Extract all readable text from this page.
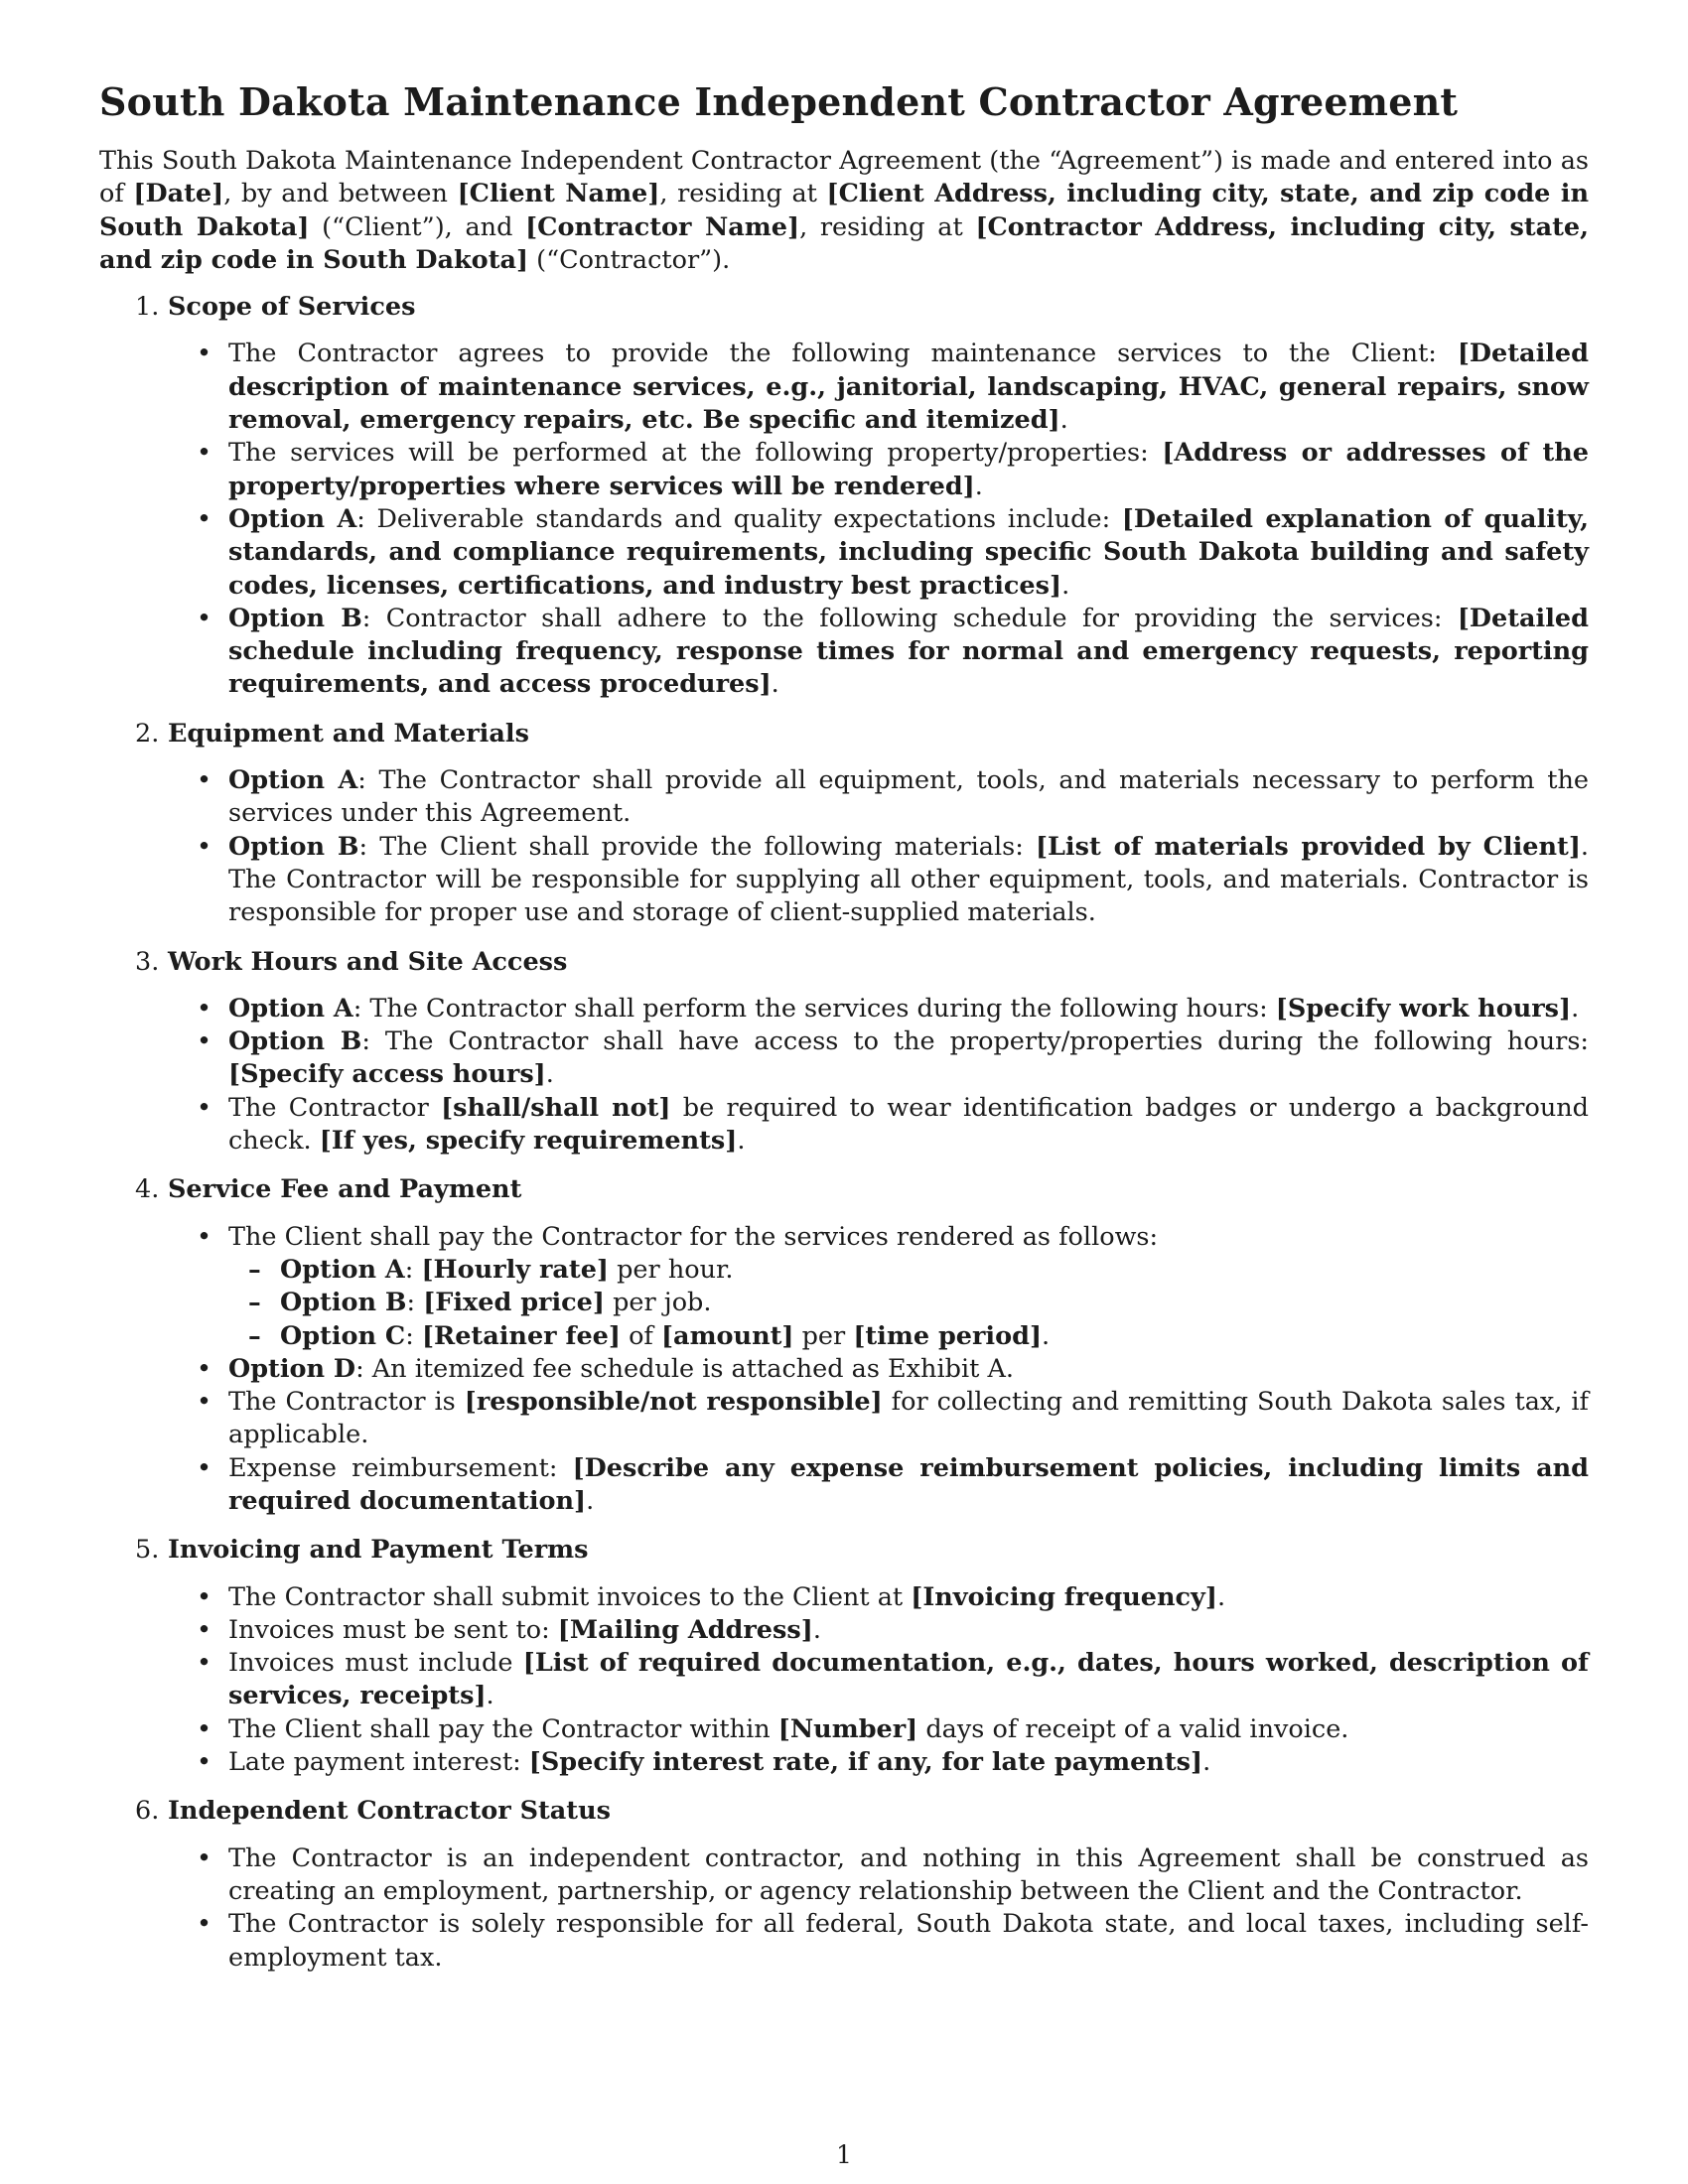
South Dakota Maintenance Independent Contractor Agreement

This South Dakota Maintenance Independent Contractor Agreement (the “Agreement”) is made and entered into as of [Date], by and between [Client Name], residing at [Client Address, including city, state, and zip code in South Dakota] (“Client”), and [Contractor Name], residing at [Contractor Address, including city, state, and zip code in South Dakota] (“Contractor”).

1. Scope of Services
• The Contractor agrees to provide the following maintenance services to the Client: [Detailed description of maintenance services, e.g., janitorial, landscaping, HVAC, general repairs, snow removal, emergency repairs, etc. Be specific and itemized].
• The services will be performed at the following property/properties: [Address or addresses of the property/properties where services will be rendered].
• Option A: Deliverable standards and quality expectations include: [Detailed explanation of quality, standards, and compliance requirements, including specific South Dakota building and safety codes, licenses, certifications, and industry best practices].
• Option B: Contractor shall adhere to the following schedule for providing the services: [Detailed schedule including frequency, response times for normal and emergency requests, reporting requirements, and access procedures].
2. Equipment and Materials
• Option A: The Contractor shall provide all equipment, tools, and materials necessary to perform the services under this Agreement.
• Option B: The Client shall provide the following materials: [List of materials provided by Client]. The Contractor will be responsible for supplying all other equipment, tools, and materials. Contractor is responsible for proper use and storage of client-supplied materials.
3. Work Hours and Site Access
• Option A: The Contractor shall perform the services during the following hours: [Specify work hours].
• Option B: The Contractor shall have access to the property/properties during the following hours: [Specify access hours].
• The Contractor [shall/shall not] be required to wear identification badges or undergo a background check. [If yes, specify requirements].
4. Service Fee and Payment
• The Client shall pay the Contractor for the services rendered as follows:
– Option A: [Hourly rate] per hour.
– Option B: [Fixed price] per job.
– Option C: [Retainer fee] of [amount] per [time period].
• Option D: An itemized fee schedule is attached as Exhibit A.
• The Contractor is [responsible/not responsible] for collecting and remitting South Dakota sales tax, if applicable.
• Expense reimbursement: [Describe any expense reimbursement policies, including limits and required documentation].
5. Invoicing and Payment Terms
• The Contractor shall submit invoices to the Client at [Invoicing frequency].
• Invoices must be sent to: [Mailing Address].
• Invoices must include [List of required documentation, e.g., dates, hours worked, description of services, receipts].
• The Client shall pay the Contractor within [Number] days of receipt of a valid invoice.
• Late payment interest: [Specify interest rate, if any, for late payments].
6. Independent Contractor Status
• The Contractor is an independent contractor, and nothing in this Agreement shall be construed as creating an employment, partnership, or agency relationship between the Client and the Contractor.
• The Contractor is solely responsible for all federal, South Dakota state, and local taxes, including self-employment tax.
1
